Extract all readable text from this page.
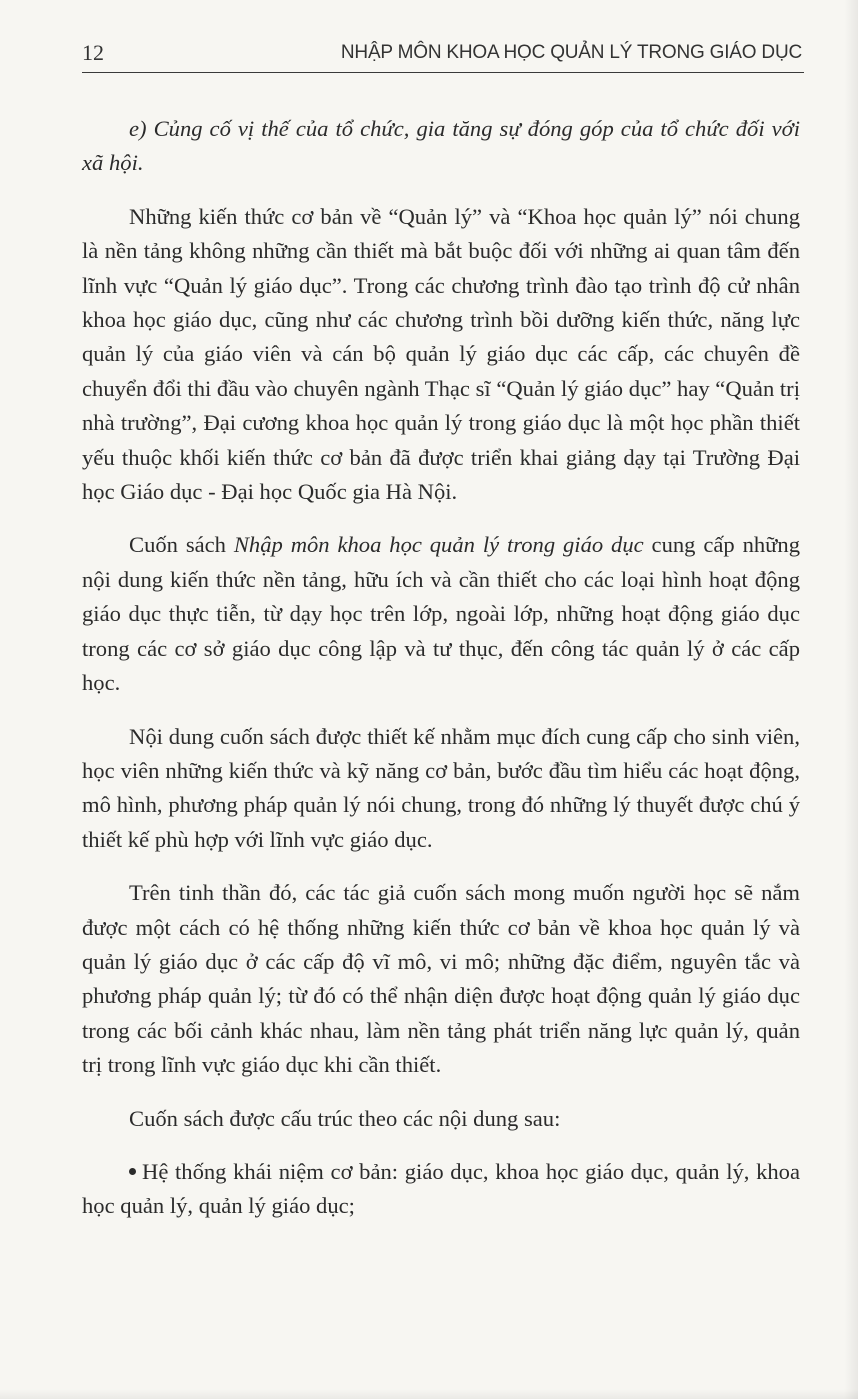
12	NHẬP MÔN KHOA HỌC QUẢN LÝ TRONG GIÁO DỤC

e) Củng cố vị thế của tổ chức, gia tăng sự đóng góp của tổ chức đối với xã hội.

Những kiến thức cơ bản về “Quản lý” và “Khoa học quản lý” nói chung là nền tảng không những cần thiết mà bắt buộc đối với những ai quan tâm đến lĩnh vực “Quản lý giáo dục”. Trong các chương trình đào tạo trình độ cử nhân khoa học giáo dục, cũng như các chương trình bồi dưỡng kiến thức, năng lực quản lý của giáo viên và cán bộ quản lý giáo dục các cấp, các chuyên đề chuyển đổi thi đầu vào chuyên ngành Thạc sĩ “Quản lý giáo dục” hay “Quản trị nhà trường”, Đại cương khoa học quản lý trong giáo dục là một học phần thiết yếu thuộc khối kiến thức cơ bản đã được triển khai giảng dạy tại Trường Đại học Giáo dục - Đại học Quốc gia Hà Nội.

Cuốn sách Nhập môn khoa học quản lý trong giáo dục cung cấp những nội dung kiến thức nền tảng, hữu ích và cần thiết cho các loại hình hoạt động giáo dục thực tiễn, từ dạy học trên lớp, ngoài lớp, những hoạt động giáo dục trong các cơ sở giáo dục công lập và tư thục, đến công tác quản lý ở các cấp học.

Nội dung cuốn sách được thiết kế nhằm mục đích cung cấp cho sinh viên, học viên những kiến thức và kỹ năng cơ bản, bước đầu tìm hiểu các hoạt động, mô hình, phương pháp quản lý nói chung, trong đó những lý thuyết được chú ý thiết kế phù hợp với lĩnh vực giáo dục.

Trên tinh thần đó, các tác giả cuốn sách mong muốn người học sẽ nắm được một cách có hệ thống những kiến thức cơ bản về khoa học quản lý và quản lý giáo dục ở các cấp độ vĩ mô, vi mô; những đặc điểm, nguyên tắc và phương pháp quản lý; từ đó có thể nhận diện được hoạt động quản lý giáo dục trong các bối cảnh khác nhau, làm nền tảng phát triển năng lực quản lý, quản trị trong lĩnh vực giáo dục khi cần thiết.

Cuốn sách được cấu trúc theo các nội dung sau:

Hệ thống khái niệm cơ bản: giáo dục, khoa học giáo dục, quản lý, khoa học quản lý, quản lý giáo dục;
